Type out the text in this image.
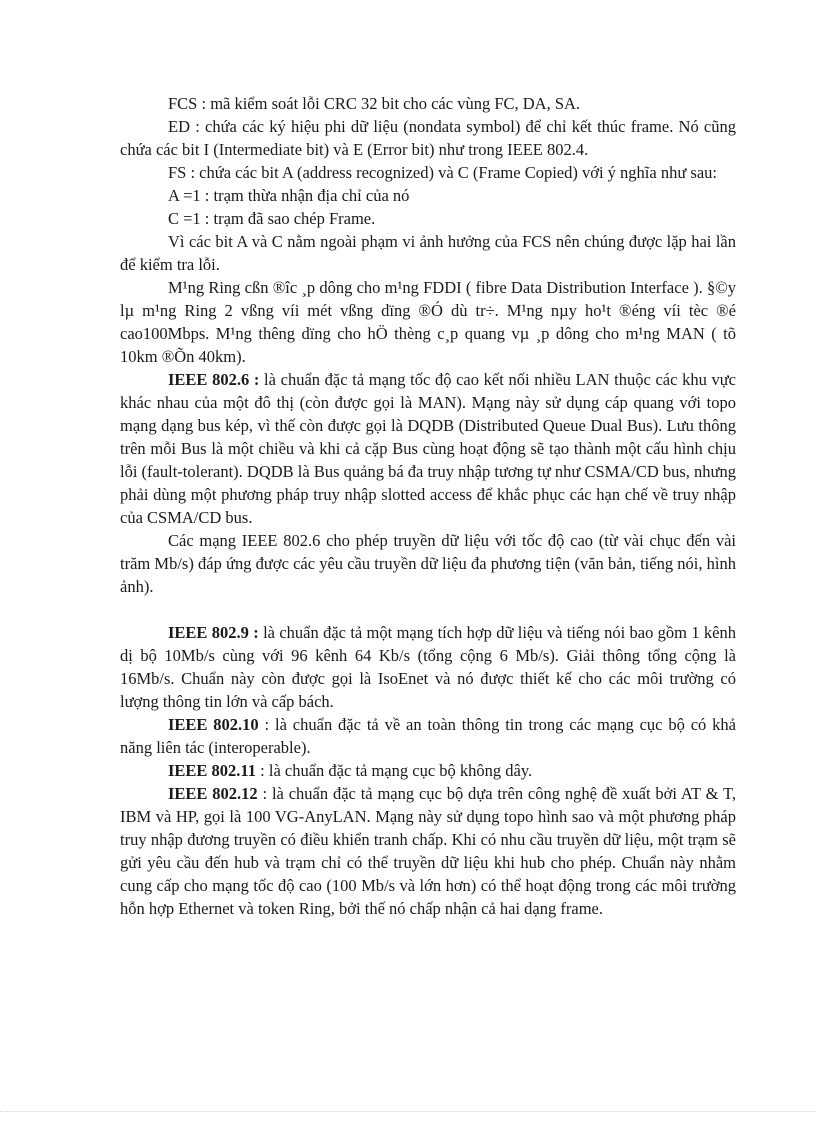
FCS : mã kiểm soát lỗi CRC 32 bit cho các vùng FC, DA, SA.

ED : chứa các ký hiệu phi dữ liệu (nondata symbol) để chỉ kết thúc frame. Nó cũng chứa các bit I (Intermediate bit) và E (Error bit) như trong IEEE 802.4.

FS : chứa các bit A (address recognized) và C (Frame Copied) với ý nghĩa như sau:

A =1 : trạm thừa nhận địa chỉ của nó

C =1 : trạm đã sao chép Frame.

Vì các bit A và C nằm ngoài phạm vi ảnh hưởng của FCS nên chúng được lặp hai lần để kiểm tra lỗi.

M¹ng Ring cßn ®îc ¸p dông cho m¹ng FDDI ( fibre Data Distribution Interface ). §©y lµ m¹ng Ring 2 vßng víi mét vßng dïng ®Ó dù tr÷. M¹ng nµy ho¹t ®éng víi tèc ®é cao100Mbps. M¹ng thêng dïng cho hÖ thèng c¸p quang vµ ¸p dông cho m¹ng MAN ( tõ 10km ®Õn 40km).

IEEE 802.6 : là chuẩn đặc tả mạng tốc độ cao kết nối nhiều LAN thuộc các khu vực khác nhau của một đô thị (còn được gọi là MAN). Mạng này sử dụng cáp quang với topo mạng dạng bus kép, vì thế còn được gọi là DQDB (Distributed Queue Dual Bus). Lưu thông trên mỗi Bus là một chiều và khi cả cặp Bus cùng hoạt động sẽ tạo thành một cấu hình chịu lỗi (fault-tolerant). DQDB là Bus quảng bá đa truy nhập tương tự như CSMA/CD bus, nhưng phải dùng một phương pháp truy nhập slotted access để khắc phục các hạn chế về truy nhập của CSMA/CD bus.

Các mạng IEEE 802.6 cho phép truyền dữ liệu với tốc độ cao (từ vài chục đến vài trăm Mb/s) đáp ứng được các yêu cầu truyền dữ liệu đa phương tiện (văn bản, tiếng nói, hình ảnh).

IEEE 802.9 : là chuẩn đặc tả một mạng tích hợp dữ liệu và tiếng nói bao gồm 1 kênh dị bộ 10Mb/s cùng với 96 kênh 64 Kb/s (tổng cộng 6 Mb/s). Giải thông tổng cộng là 16Mb/s. Chuẩn này còn được gọi là IsoEnet và nó được thiết kế cho các môi trường có lượng thông tin lớn và cấp bách.

IEEE 802.10 : là chuẩn đặc tả về an toàn thông tin trong các mạng cục bộ có khả năng liên tác (interoperable).

IEEE 802.11 : là chuẩn đặc tả mạng cục bộ không dây.

IEEE 802.12 : là chuẩn đặc tả mạng cục bộ dựa trên công nghệ đề xuất bởi AT & T, IBM và HP, gọi là 100 VG-AnyLAN. Mạng này sử dụng topo hình sao và một phương pháp truy nhập đương truyền có điều khiển tranh chấp. Khi có nhu cầu truyền dữ liệu, một trạm sẽ gửi yêu cầu đến hub và trạm chỉ có thể truyền dữ liệu khi hub cho phép. Chuẩn này nhằm cung cấp cho mạng tốc độ cao (100 Mb/s và lớn hơn) có thể hoạt động trong các môi trường hỗn hợp Ethernet và token Ring, bởi thế nó chấp nhận cả hai dạng frame.
